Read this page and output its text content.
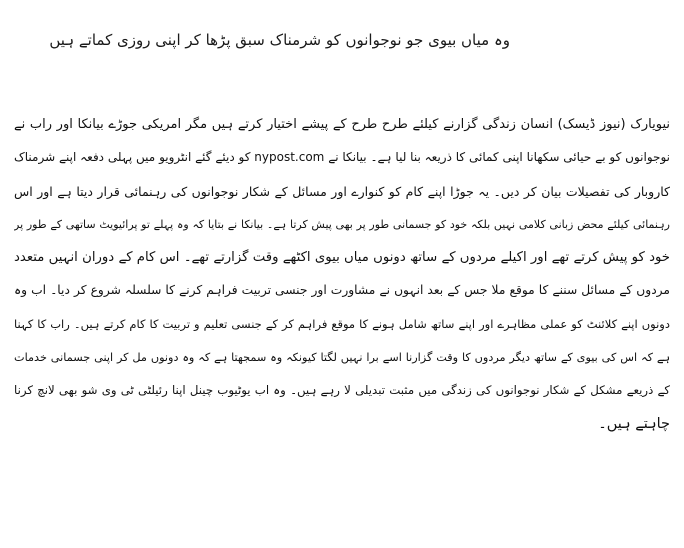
وہ میاں بیوی جو نوجوانوں کو شرمناک سبق پڑھا کر اپنی روزی کماتے ہیں
نیویارک (نیوز ڈیسک) انسان زندگی گزارنے کیلئے طرح طرح کے پیشے اختیار کرتے ہیں مگر امریکی جوڑے بیانکا اور راب نے
نوجوانوں کو بے حیائی سکھانا اپنی کمائی کا ذریعہ بنا لیا ہے۔ بیانکا نے nypost.com کو دیئے گئے انٹرویو میں پہلی دفعہ اپنے شرمناک
کاروبار کی تفصیلات بیان کر دیں۔ یہ جوڑا اپنے کام کو کنوارے اور مسائل کے شکار نوجوانوں کی رہنمائی قرار دیتا ہے اور اس
رہنمائی کیلئے محض زبانی کلامی نہیں بلکہ خود کو جسمانی طور پر بھی پیش کرتا ہے۔ بیانکا نے بتایا کہ وہ پہلے تو پرائیویٹ ساتھی کے طور پر
خود کو پیش کرتے تھے اور اکیلے مردوں کے ساتھ دونوں میاں بیوی اکٹھے وقت گزارتے تھے۔ اس کام کے دوران انہیں متعدد
مردوں کے مسائل سننے کا موقع ملا جس کے بعد انہوں نے مشاورت اور جنسی تربیت فراہم کرنے کا سلسلہ شروع کر دیا۔ اب وہ
دونوں اپنے کلائنٹ کو عملی مظاہرے اور اپنے ساتھ شامل ہونے کا موقع فراہم کر کے جنسی تعلیم و تربیت کا کام کرتے ہیں۔ راب کا کہنا
ہے کہ اس کی بیوی کے ساتھ دیگر مردوں کا وقت گزارنا اسے برا نہیں لگتا کیونکہ وہ سمجھتا ہے کہ وہ دونوں مل کر اپنی جسمانی خدمات
کے ذریعے مشکل کے شکار نوجوانوں کی زندگی میں مثبت تبدیلی لا رہے ہیں۔ وہ اب یوٹیوب چینل اپنا رئیلٹی ٹی وی شو بھی لانچ کرنا
چاہتے ہیں۔
